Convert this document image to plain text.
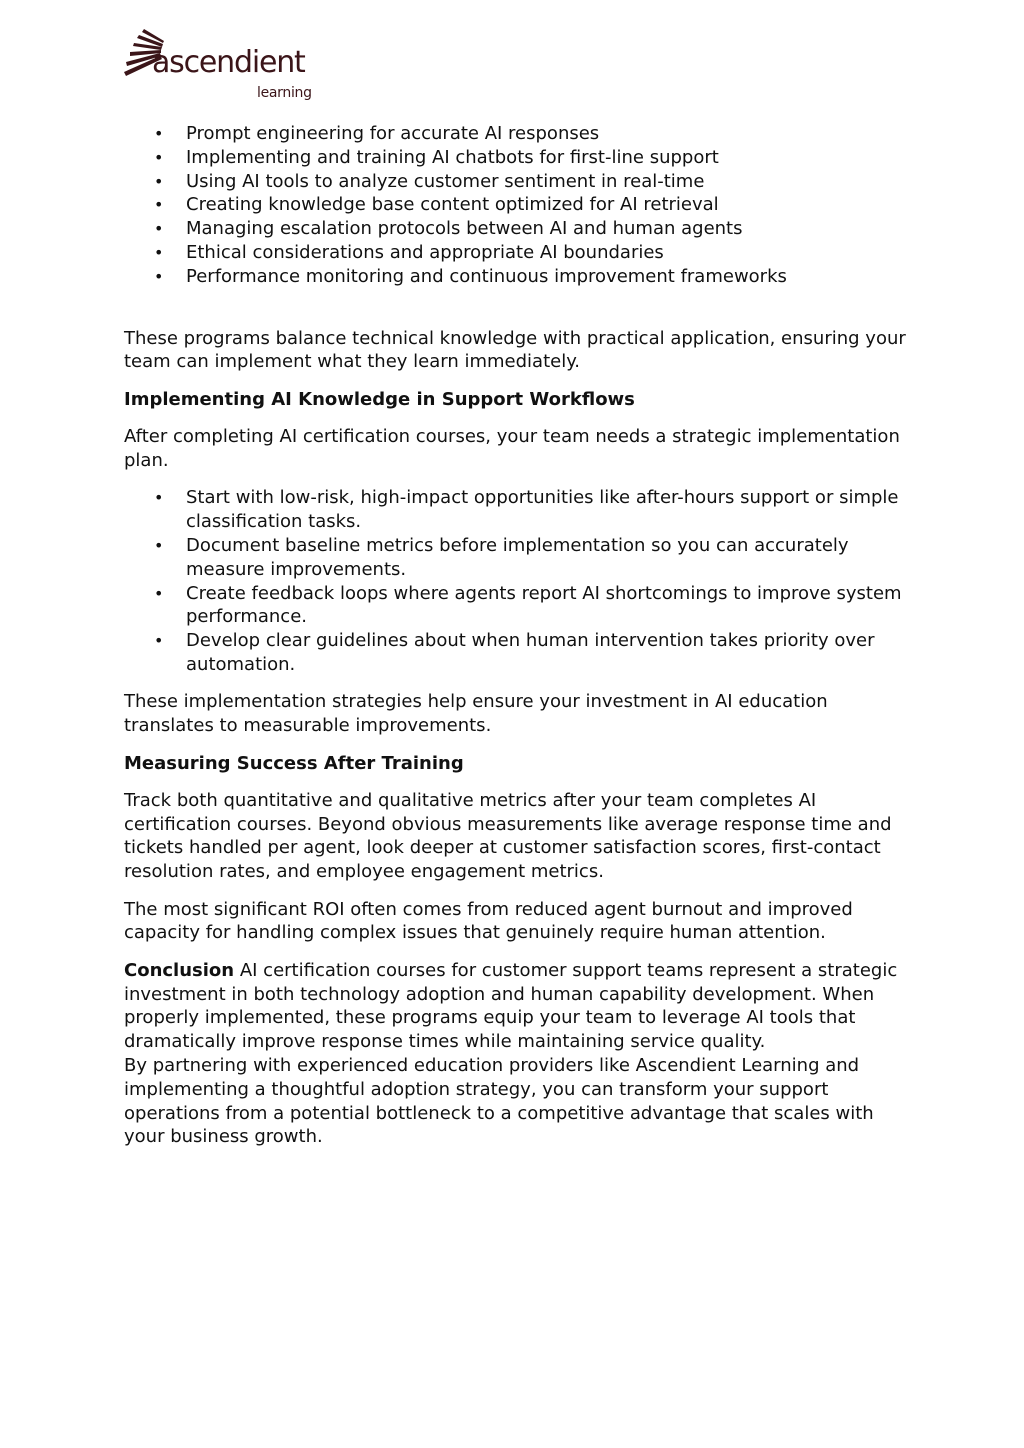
ascendient
learning
• Prompt engineering for accurate AI responses
• Implementing and training AI chatbots for first-line support
• Using AI tools to analyze customer sentiment in real-time
• Creating knowledge base content optimized for AI retrieval
• Managing escalation protocols between AI and human agents
• Ethical considerations and appropriate AI boundaries
• Performance monitoring and continuous improvement frameworks

These programs balance technical knowledge with practical application, ensuring your team can implement what they learn immediately.

Implementing AI Knowledge in Support Workflows

After completing AI certification courses, your team needs a strategic implementation plan.

• Start with low-risk, high-impact opportunities like after-hours support or simple classification tasks.
• Document baseline metrics before implementation so you can accurately measure improvements.
• Create feedback loops where agents report AI shortcomings to improve system performance.
• Develop clear guidelines about when human intervention takes priority over automation.

These implementation strategies help ensure your investment in AI education translates to measurable improvements.

Measuring Success After Training

Track both quantitative and qualitative metrics after your team completes AI certification courses. Beyond obvious measurements like average response time and tickets handled per agent, look deeper at customer satisfaction scores, first-contact resolution rates, and employee engagement metrics.

The most significant ROI often comes from reduced agent burnout and improved capacity for handling complex issues that genuinely require human attention.

Conclusion AI certification courses for customer support teams represent a strategic investment in both technology adoption and human capability development. When properly implemented, these programs equip your team to leverage AI tools that dramatically improve response times while maintaining service quality.

By partnering with experienced education providers like Ascendient Learning and implementing a thoughtful adoption strategy, you can transform your support operations from a potential bottleneck to a competitive advantage that scales with your business growth.
